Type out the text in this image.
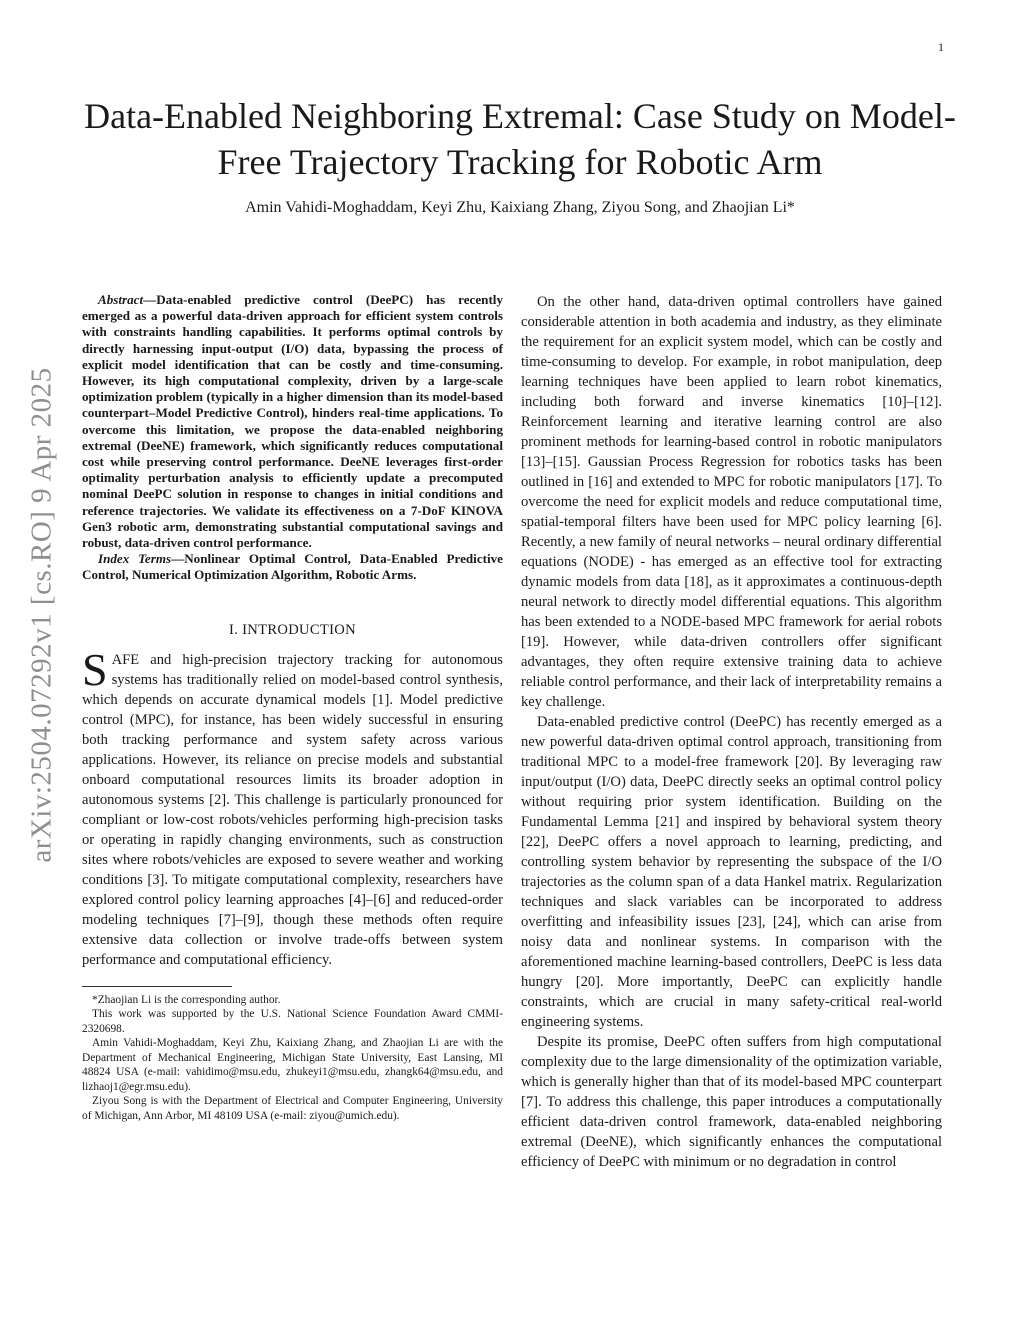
1
arXiv:2504.07292v1 [cs.RO] 9 Apr 2025
Data-Enabled Neighboring Extremal: Case Study on Model-Free Trajectory Tracking for Robotic Arm
Amin Vahidi-Moghaddam, Keyi Zhu, Kaixiang Zhang, Ziyou Song, and Zhaojian Li*

Abstract—Data-enabled predictive control (DeePC) has recently emerged as a powerful data-driven approach for efficient system controls with constraints handling capabilities. It performs optimal controls by directly harnessing input-output (I/O) data, bypassing the process of explicit model identification that can be costly and time-consuming. However, its high computational complexity, driven by a large-scale optimization problem (typically in a higher dimension than its model-based counterpart–Model Predictive Control), hinders real-time applications. To overcome this limitation, we propose the data-enabled neighboring extremal (DeeNE) framework, which significantly reduces computational cost while preserving control performance. DeeNE leverages first-order optimality perturbation analysis to efficiently update a precomputed nominal DeePC solution in response to changes in initial conditions and reference trajectories. We validate its effectiveness on a 7-DoF KINOVA Gen3 robotic arm, demonstrating substantial computational savings and robust, data-driven control performance.

Index Terms—Nonlinear Optimal Control, Data-Enabled Predictive Control, Numerical Optimization Algorithm, Robotic Arms.

I. INTRODUCTION

SAFE and high-precision trajectory tracking for autonomous systems has traditionally relied on model-based control synthesis, which depends on accurate dynamical models [1]. Model predictive control (MPC), for instance, has been widely successful in ensuring both tracking performance and system safety across various applications. However, its reliance on precise models and substantial onboard computational resources limits its broader adoption in autonomous systems [2]. This challenge is particularly pronounced for compliant or low-cost robots/vehicles performing high-precision tasks or operating in rapidly changing environments, such as construction sites where robots/vehicles are exposed to severe weather and working conditions [3]. To mitigate computational complexity, researchers have explored control policy learning approaches [4]–[6] and reduced-order modeling techniques [7]–[9], though these methods often require extensive data collection or involve trade-offs between system performance and computational efficiency.

*Zhaojian Li is the corresponding author.

This work was supported by the U.S. National Science Foundation Award CMMI-2320698.

Amin Vahidi-Moghaddam, Keyi Zhu, Kaixiang Zhang, and Zhaojian Li are with the Department of Mechanical Engineering, Michigan State University, East Lansing, MI 48824 USA (e-mail: vahidimo@msu.edu, zhukeyi1@msu.edu, zhangk64@msu.edu, and lizhaoj1@egr.msu.edu).

Ziyou Song is with the Department of Electrical and Computer Engineering, University of Michigan, Ann Arbor, MI 48109 USA (e-mail: ziyou@umich.edu).

On the other hand, data-driven optimal controllers have gained considerable attention in both academia and industry, as they eliminate the requirement for an explicit system model, which can be costly and time-consuming to develop. For example, in robot manipulation, deep learning techniques have been applied to learn robot kinematics, including both forward and inverse kinematics [10]–[12]. Reinforcement learning and iterative learning control are also prominent methods for learning-based control in robotic manipulators [13]–[15]. Gaussian Process Regression for robotics tasks has been outlined in [16] and extended to MPC for robotic manipulators [17]. To overcome the need for explicit models and reduce computational time, spatial-temporal filters have been used for MPC policy learning [6]. Recently, a new family of neural networks – neural ordinary differential equations (NODE) - has emerged as an effective tool for extracting dynamic models from data [18], as it approximates a continuous-depth neural network to directly model differential equations. This algorithm has been extended to a NODE-based MPC framework for aerial robots [19]. However, while data-driven controllers offer significant advantages, they often require extensive training data to achieve reliable control performance, and their lack of interpretability remains a key challenge.

Data-enabled predictive control (DeePC) has recently emerged as a new powerful data-driven optimal control approach, transitioning from traditional MPC to a model-free framework [20]. By leveraging raw input/output (I/O) data, DeePC directly seeks an optimal control policy without requiring prior system identification. Building on the Fundamental Lemma [21] and inspired by behavioral system theory [22], DeePC offers a novel approach to learning, predicting, and controlling system behavior by representing the subspace of the I/O trajectories as the column span of a data Hankel matrix. Regularization techniques and slack variables can be incorporated to address overfitting and infeasibility issues [23], [24], which can arise from noisy data and nonlinear systems. In comparison with the aforementioned machine learning-based controllers, DeePC is less data hungry [20]. More importantly, DeePC can explicitly handle constraints, which are crucial in many safety-critical real-world engineering systems.

Despite its promise, DeePC often suffers from high computational complexity due to the large dimensionality of the optimization variable, which is generally higher than that of its model-based MPC counterpart [7]. To address this challenge, this paper introduces a computationally efficient data-driven control framework, data-enabled neighboring extremal (DeeNE), which significantly enhances the computational efficiency of DeePC with minimum or no degradation in control
